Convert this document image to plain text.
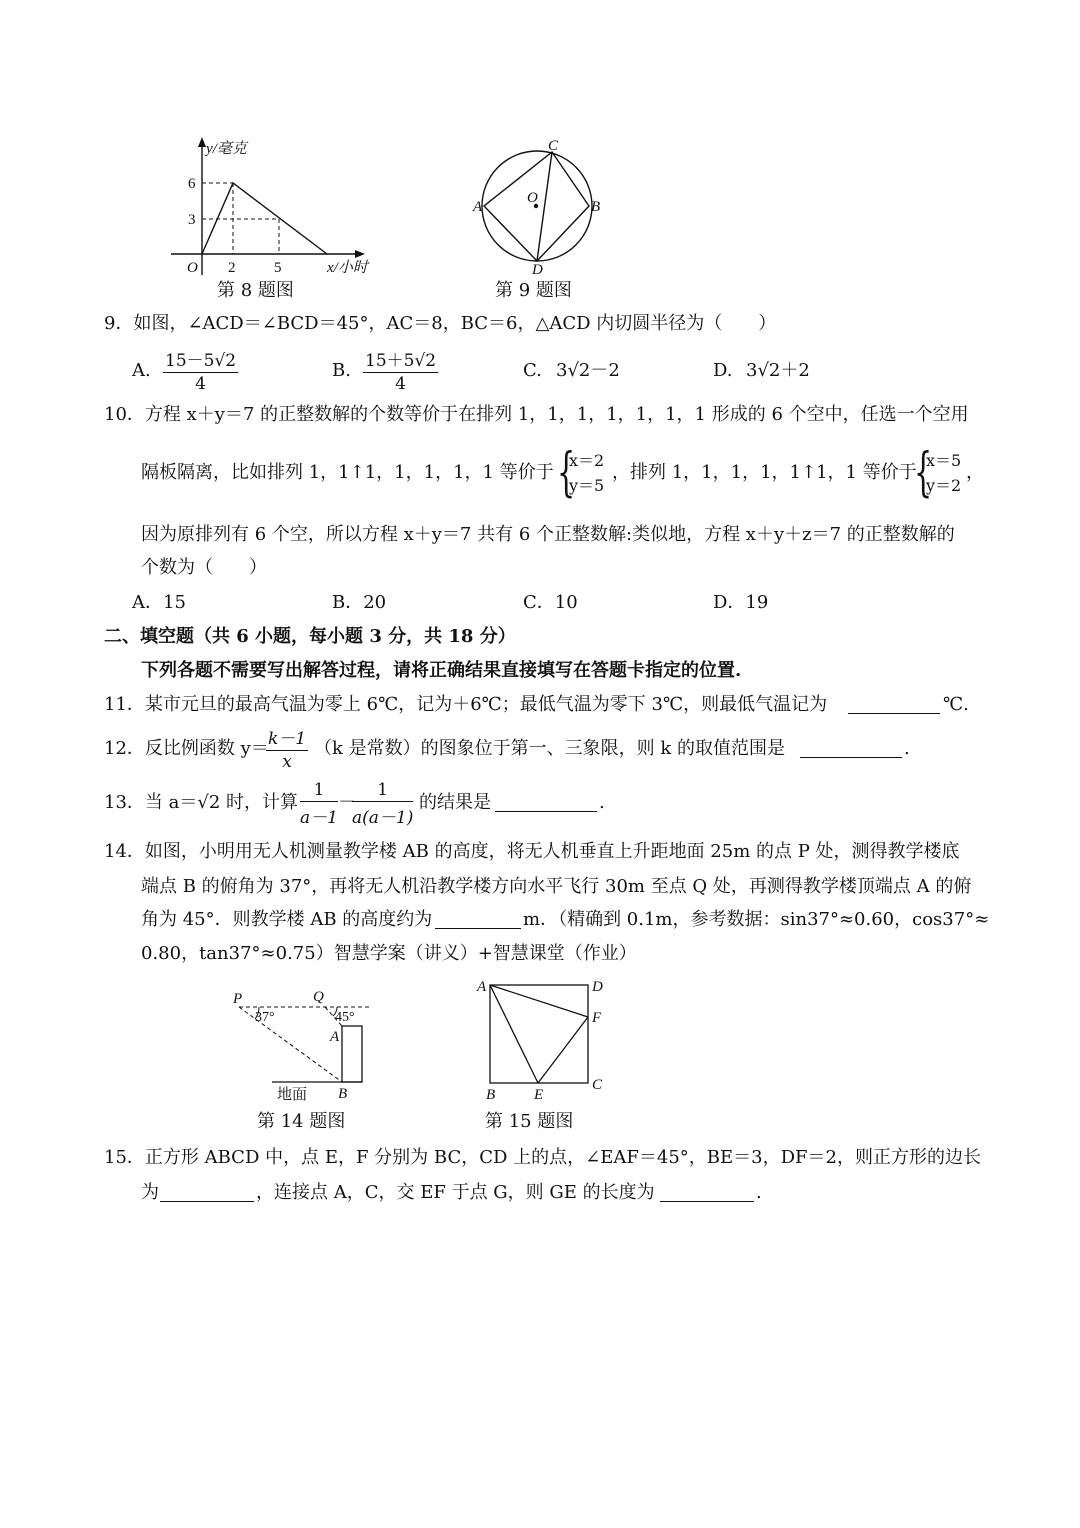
y/毫克
x/小时
O
6
3
2	5
第 8 题图
C
A	B
D
O
第 9 题图
9．如图，∠ACD＝∠BCD＝45°，AC＝8，BC＝6，△ACD 内切圆半径为（　　）
A. 15－5√2
4
B. 15＋5√2
4
C. 3√2－2	D. 3√2＋2
10．方程 x＋y＝7 的正整数解的个数等价于在排列 1，1，1，1，1，1，1 形成的 6 个空中，任选一个空用
隔板隔离，比如排列 1，1↑1，1，1，1，1 等价于 {
x＝2
y＝5
，排列 1，1，1，1，1↑1，1 等价于
{
x＝5
y＝2
，
因为原排列有 6 个空，所以方程 x＋y＝7 共有 6 个正整数解:类似地，方程 x＋y＋z＝7 的正整数解的
个数为（　　）
A．15	B．20	C．10	D．19
二、填空题（共 6 小题，每小题 3 分，共 18 分）
下列各题不需要写出解答过程，请将正确结果直接填写在答题卡指定的位置.
11．某市元旦的最高气温为零上 6℃，记为＋6℃；最低气温为零下 3℃，则最低气温记为	℃.
12．反比例函数 y＝ k－1
x
（k 是常数）的图象位于第一、三象限，则 k 的取值范围是	.
13．当 a＝√2 时，计算
1
a－1
－
1
a(a－1)
的结果是	.
14．如图，小明用无人机测量教学楼 AB 的高度，将无人机垂直上升距地面 25m 的点 P 处，测得教学楼底
端点 B 的俯角为 37°，再将无人机沿教学楼方向水平飞行 30m 至点 Q 处，再测得教学楼顶端点 A 的俯
角为 45°．则教学楼 AB 的高度约为	m．（精确到 0.1m，参考数据：sin37°≈0.60，cos37°≈
0.80，tan37°≈0.75）智慧学案（讲义）+智慧课堂（作业）
P	Q
37°	45°
A
B
地面
第 14 题图
A	D
F
B	E
C
第 15 题图
15．正方形 ABCD 中，点 E，F 分别为 BC，CD 上的点，∠EAF＝45°，BE＝3，DF＝2，则正方形的边长
为	，连接点 A，C，交 EF 于点 G，则 GE 的长度为	.
